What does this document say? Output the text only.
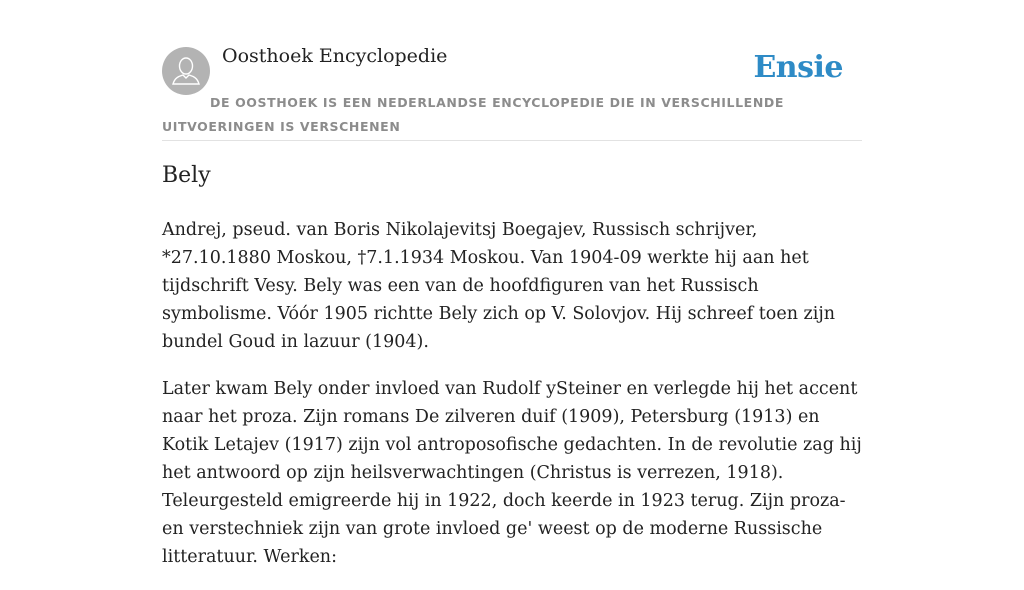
Oosthoek Encyclopedie	Ensie
DE OOSTHOEK IS EEN NEDERLANDSE ENCYCLOPEDIE DIE IN VERSCHILLENDE UITVOERINGEN IS VERSCHENEN
Bely

Andrej, pseud. van Boris Nikolajevitsj Boegajev, Russisch schrijver, *27.10.1880 Moskou, †7.1.1934 Moskou. Van 1904-09 werkte hij aan het tijdschrift Vesy. Bely was een van de hoofdfiguren van het Russisch symbolisme. Vóór 1905 richtte Bely zich op V. Solovjov. Hij schreef toen zijn bundel Goud in lazuur (1904).

Later kwam Bely onder invloed van Rudolf ySteiner en verlegde hij het accent naar het proza. Zijn romans De zilveren duif (1909), Petersburg (1913) en Kotik Letajev (1917) zijn vol antroposofische gedachten. In de revolutie zag hij het antwoord op zijn heilsverwachtingen (Christus is verrezen, 1918). Teleurgesteld emigreerde hij in 1922, doch keerde in 1923 terug. Zijn proza- en verstechniek zijn van grote invloed ge' weest op de moderne Russische litteratuur. Werken:
